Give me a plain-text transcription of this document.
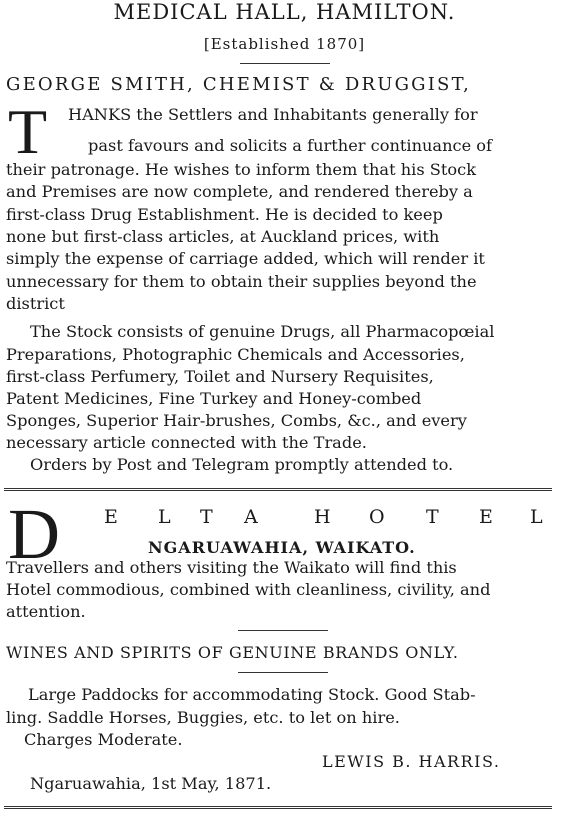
MEDICAL HALL, HAMILTON.
[Established 1870]
GEORGE SMITH, CHEMIST & DRUGGIST,
T HANKS the Settlers and Inhabitants generally for
past favours and solicits a further continuance of
their patronage. He wishes to inform them that his Stock
and Premises are now complete, and rendered thereby a
first-class Drug Establishment. He is decided to keep
none but first-class articles, at Auckland prices, with
simply the expense of carriage added, which will render it
unnecessary for them to obtain their supplies beyond the
district
The Stock consists of genuine Drugs, all Pharmacopœial
Preparations, Photographic Chemicals and Accessories,
first-class Perfumery, Toilet and Nursery Requisites,
Patent Medicines, Fine Turkey and Honey-combed
Sponges, Superior Hair-brushes, Combs, &c., and every
necessary article connected with the Trade.
Orders by Post and Telegram promptly attended to.
D E L T A	H O T E L
NGARUAWAHIA, WAIKATO.
Travellers and others visiting the Waikato will find this
Hotel commodious, combined with cleanliness, civility, and
attention.
WINES AND SPIRITS OF GENUINE BRANDS ONLY.
Large Paddocks for accommodating Stock. Good Stab-
ling. Saddle Horses, Buggies, etc. to let on hire.
Charges Moderate.
LEWIS B. HARRIS.
Ngaruawahia, 1st May, 1871.
